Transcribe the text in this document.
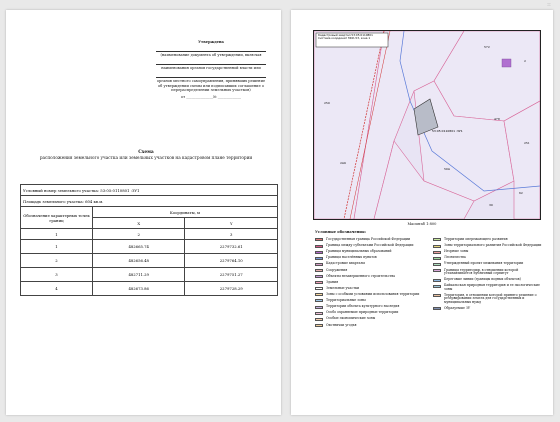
⌗
Утверждена
(наименование документа об утверждении, включая
наименования органов государственной власти или
органов местного самоуправления, принявших решение об утверждении схемы или подписавших соглашение о перераспределении земельных участков)
от _______________№ _____________
Схема
расположения земельного участка или земельных участков на кадастровом плане территории
Условный номер земельного участка: 53:05:0110801 :ЗУ1		
Площадь земельного участка: 604 кв.м.		
Обозначение характерных точек границ	Координаты, м	
	X	Y
1	2	3
1	482665.74	2279732.61
2	482656.48	2279764.10
3	482711.29	2279751.27
4	482673.86	2279728.29
Кадастровый квартал 53:05:0110801
Система координат МСК-53, зона 1
53:05:0110801 :ЗУ1
572
2
250
478
249
251
504
30
62
Масштаб 1:800
Условные обозначения:
Государственная граница Российской Федерации
Граница между субъектами Российской Федерации
Границы муниципальных образований
Границы населённых пунктов
Кадастровые кварталы
Сооружения
Объекты незавершенного строительства
Здания
Земельные участки
Зоны с особыми условиями использования территории
Территориальные зоны
Территории объекта культурного наследия
Особо охраняемые природные территории
Особые экономические зоны
Охотничьи угодья
Территории опережающего развития
Зоны территориального развития Российской Федерации
Игорные зоны
Лесничества
Утвержденный проект межевания территории
Границы территории, в отношении которой устанавливается публичный сервитут
Береговые линии (границы водных объектов)
Байкальская природная территория и ее экологические зоны
Территория, в отношении которой принято решение о резервировании земель для государственных и муниципальных нужд
Образуемые ЗУ
